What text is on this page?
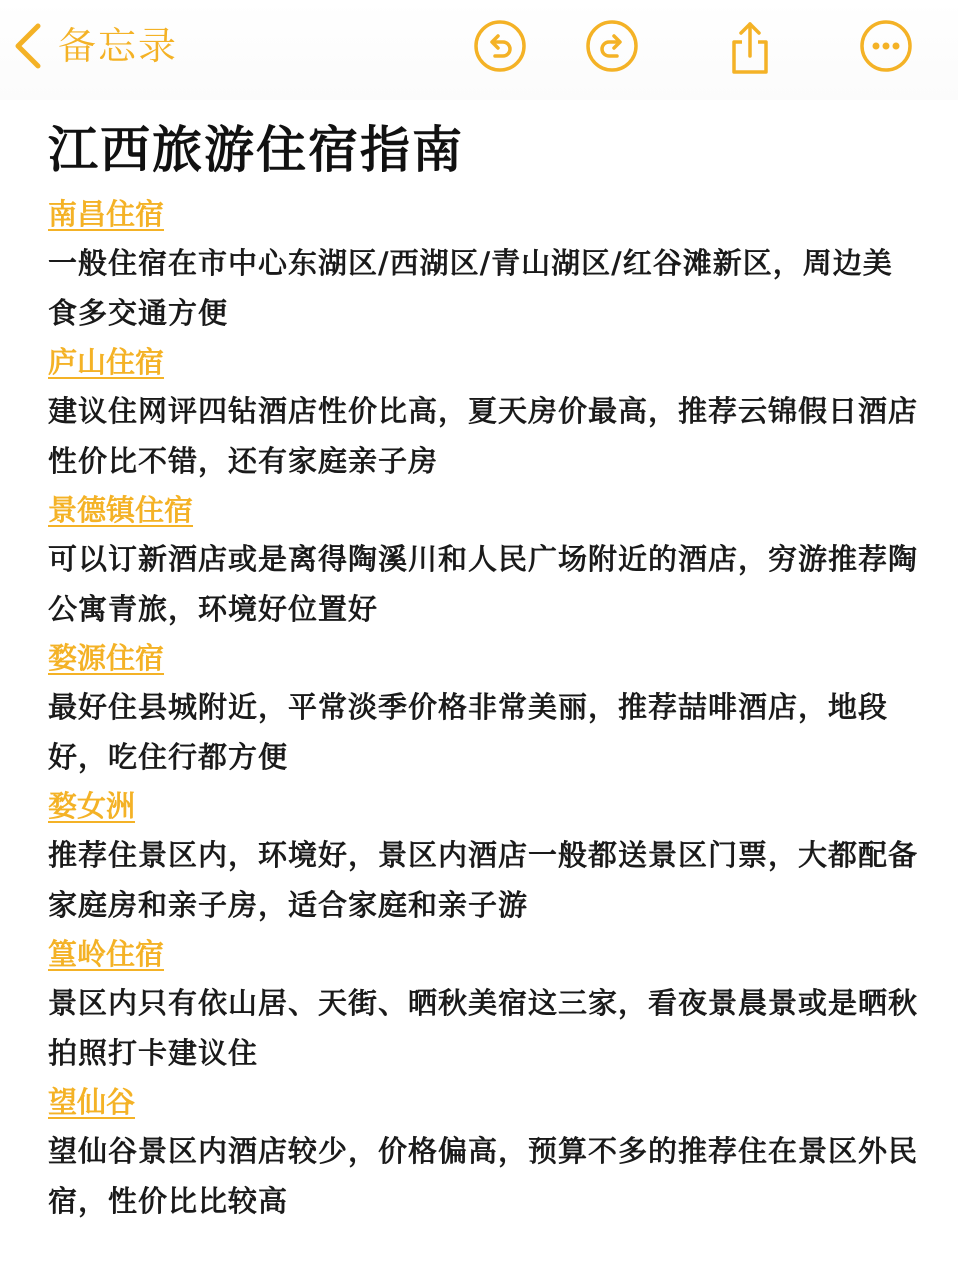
备忘录
江西旅游住宿指南
南昌住宿

一般住宿在市中心东湖区/西湖区/青山湖区/红谷滩新区，周边美食多交通方便

庐山住宿

建议住网评四钻酒店性价比高，夏天房价最高，推荐云锦假日酒店性价比不错，还有家庭亲子房

景德镇住宿

可以订新酒店或是离得陶溪川和人民广场附近的酒店，穷游推荐陶公寓青旅，环境好位置好

婺源住宿

最好住县城附近，平常淡季价格非常美丽，推荐喆啡酒店，地段好，吃住行都方便

婺女洲

推荐住景区内，环境好，景区内酒店一般都送景区门票，大都配备家庭房和亲子房，适合家庭和亲子游

篁岭住宿

景区内只有依山居、天街、晒秋美宿这三家，看夜景晨景或是晒秋拍照打卡建议住

望仙谷

望仙谷景区内酒店较少，价格偏高，预算不多的推荐住在景区外民宿，性价比比较高
